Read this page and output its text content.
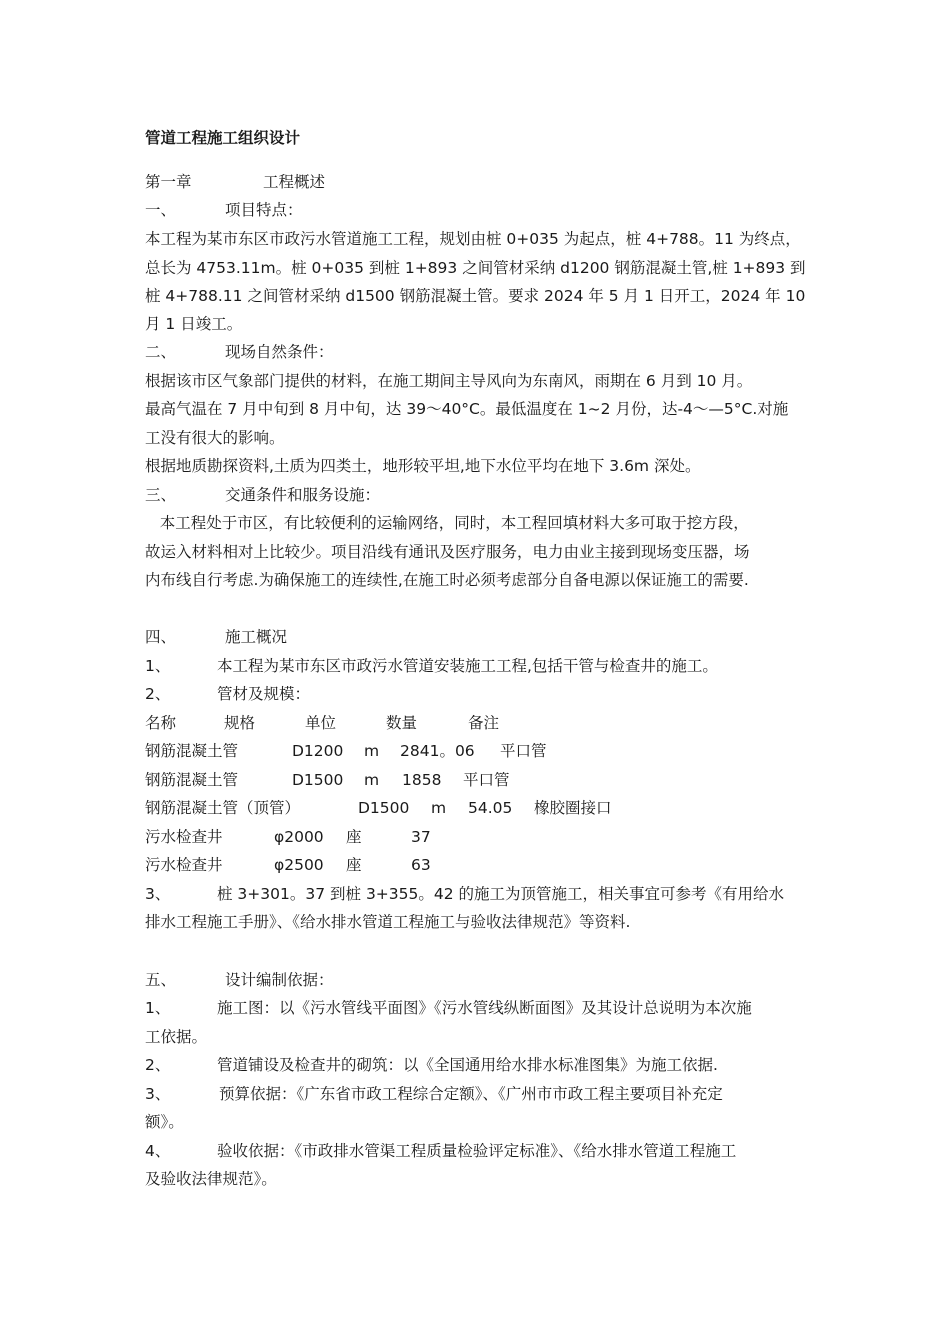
管道工程施工组织设计
第一章	工程概述
一、	项目特点：
本工程为某市东区市政污水管道施工工程，规划由桩 0+035 为起点，桩 4+788。11 为终点，
总长为 4753.11m。桩 0+035 到桩 1+893 之间管材采纳 d1200 钢筋混凝土管,桩 1+893 到
桩 4+788.11 之间管材采纳 d1500 钢筋混凝土管。要求 2024 年 5 月 1 日开工，2024 年 10
月 1 日竣工。
二、	现场自然条件：
根据该市区气象部门提供的材料，在施工期间主导风向为东南风，雨期在 6 月到 10 月。
最高气温在 7 月中旬到 8 月中旬，达 39～40°C。最低温度在 1~2 月份，达-4～—5°C.对施
工没有很大的影响。
根据地质勘探资料,土质为四类土，地形较平坦,地下水位平均在地下 3.6m 深处。
三、	交通条件和服务设施：
本工程处于市区，有比较便利的运输网络，同时，本工程回填材料大多可取于挖方段，
故运入材料相对上比较少。项目沿线有通讯及医疗服务，电力由业主接到现场变压器，场
内布线自行考虑.为确保施工的连续性,在施工时必须考虑部分自备电源以保证施工的需要.
四、	施工概况
1、	本工程为某市东区市政污水管道安装施工工程,包括干管与检查井的施工。
2、	管材及规模：
名称	规格	单位	数量	备注
钢筋混凝土管	D1200 m 2841。06 平口管
钢筋混凝土管	D1500 m 1858 平口管
钢筋混凝土管（顶管）	D1500 m 54.05 橡胶圈接口
污水检查井	φ2000 座	37
污水检查井	φ2500 座	63
3、	桩 3+301。37 到桩 3+355。42 的施工为顶管施工，相关事宜可参考《有用给水
排水工程施工手册》、《给水排水管道工程施工与验收法律规范》等资料.
五、	设计编制依据：
1、	施工图：以《污水管线平面图》《污水管线纵断面图》及其设计总说明为本次施
工依据。
2、	管道铺设及检查井的砌筑：以《全国通用给水排水标准图集》为施工依据.
3、	预算依据：《广东省市政工程综合定额》、《广州市市政工程主要项目补充定
额》。
4、	验收依据：《市政排水管渠工程质量检验评定标准》、《给水排水管道工程施工
及验收法律规范》。
